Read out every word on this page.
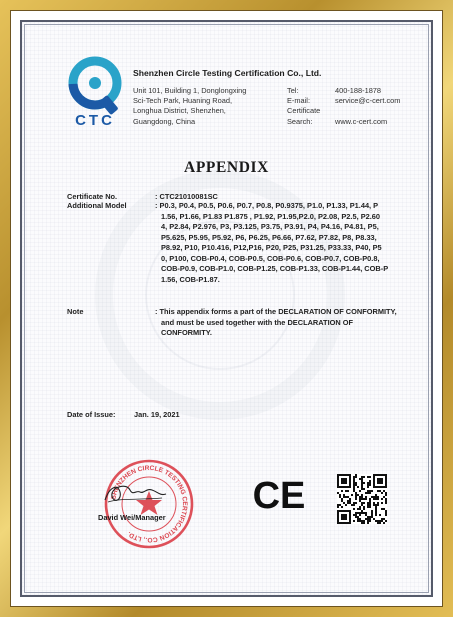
CTC
Shenzhen Circle Testing Certification Co., Ltd.
Unit 101, Building 1, Donglongxing
Sci-Tech Park, Huaning Road,
Longhua District, Shenzhen,
Guangdong, China
Tel:	400-188-1878
E-mail:	service@c-cert.com
Certificate
Search:	www.c-cert.com
APPENDIX
Certificate No.	: CTC21010081SC
Additional Model	: P0.3, P0.4, P0.5, P0.6, P0.7, P0.8, P0.9375, P1.0, P1.33, P1.44, P
1.56, P1.66, P1.83 P1.875 , P1.92, P1.95,P2.0, P2.08, P2.5, P2.60
4, P2.84, P2.976, P3, P3.125, P3.75, P3.91, P4, P4.16, P4.81, P5,
P5.625, P5.95, P5.92, P6, P6.25, P6.66, P7.62, P7.82, P8, P8.33,
P8.92, P10, P10.416, P12,P16, P20, P25, P31.25, P33.33, P40, P5
0, P100, COB-P0.4, COB-P0.5, COB-P0.6, COB-P0.7, COB-P0.8,
COB-P0.9, COB-P1.0, COB-P1.25, COB-P1.33, COB-P1.44, COB-P
1.56, COB-P1.87.
Note	: This appendix forms a part of the DECLARATION OF CONFORMITY,
and must be used together with the DECLARATION OF
CONFORMITY.
Date of Issue:	Jan. 19, 2021
SHENZHEN CIRCLE TESTING CERTIFICATION CO., LTD.
David Wei/Manager
CE
